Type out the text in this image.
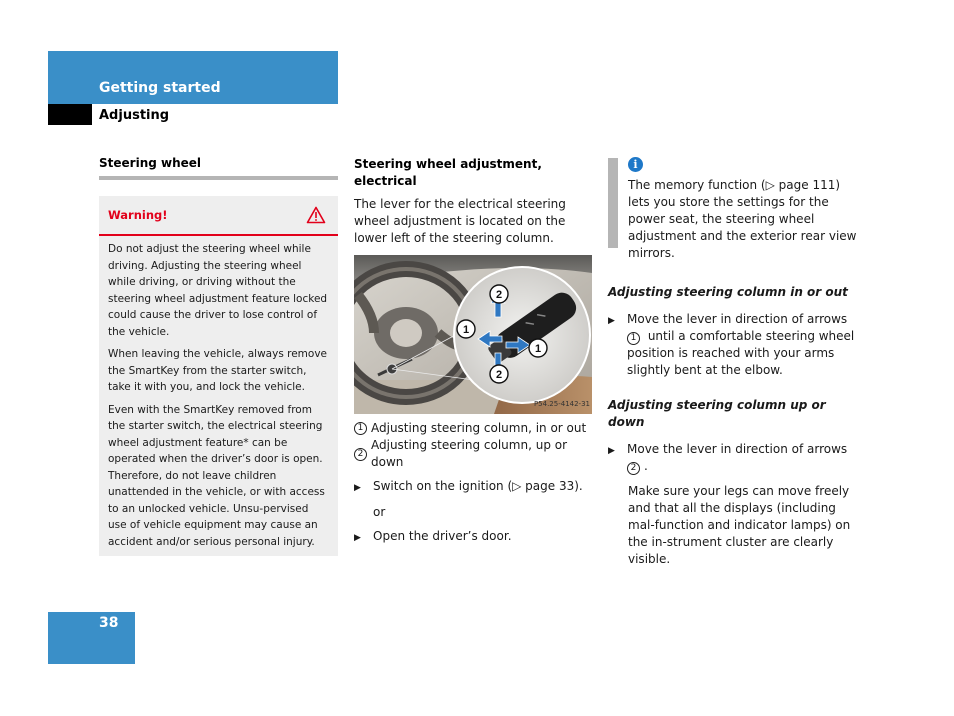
Getting started
Adjusting
Steering wheel
Warning!

Do not adjust the steering wheel while driving. Adjusting the steering wheel while driving, or driving without the steering wheel adjustment feature locked could cause the driver to lose control of the vehicle.

When leaving the vehicle, always remove the SmartKey from the starter switch, take it with you, and lock the vehicle.

Even with the SmartKey removed from the starter switch, the electrical steering wheel adjustment feature* can be operated when the driver’s door is open. Therefore, do not leave children unattended in the vehicle, or with access to an unlocked vehicle. Unsu-pervised use of vehicle equipment may cause an accident and/or serious personal injury.

Steering wheel adjustment, electrical

The lever for the electrical steering wheel adjustment is located on the lower left of the steering column.

2
1
1
2
P54.25-4142-31
1 Adjusting steering column, in or out
2
Adjusting steering column, up or down
▶	Switch on the ignition (▷ page 33).
or
▶	Open the driver’s door.
i

The memory function (▷ page 111) lets you store the settings for the power seat, the steering wheel adjustment and the exterior rear view mirrors.

Adjusting steering column in or out
▶	Move the lever in direction of arrows 1 until a comfortable steering wheel position is reached with your arms slightly bent at the elbow.
Adjusting steering column up or down
▶	Move the lever in direction of arrows 2 .

Make sure your legs can move freely and that all the displays (including mal-function and indicator lamps) on the in-strument cluster are clearly visible.

38
